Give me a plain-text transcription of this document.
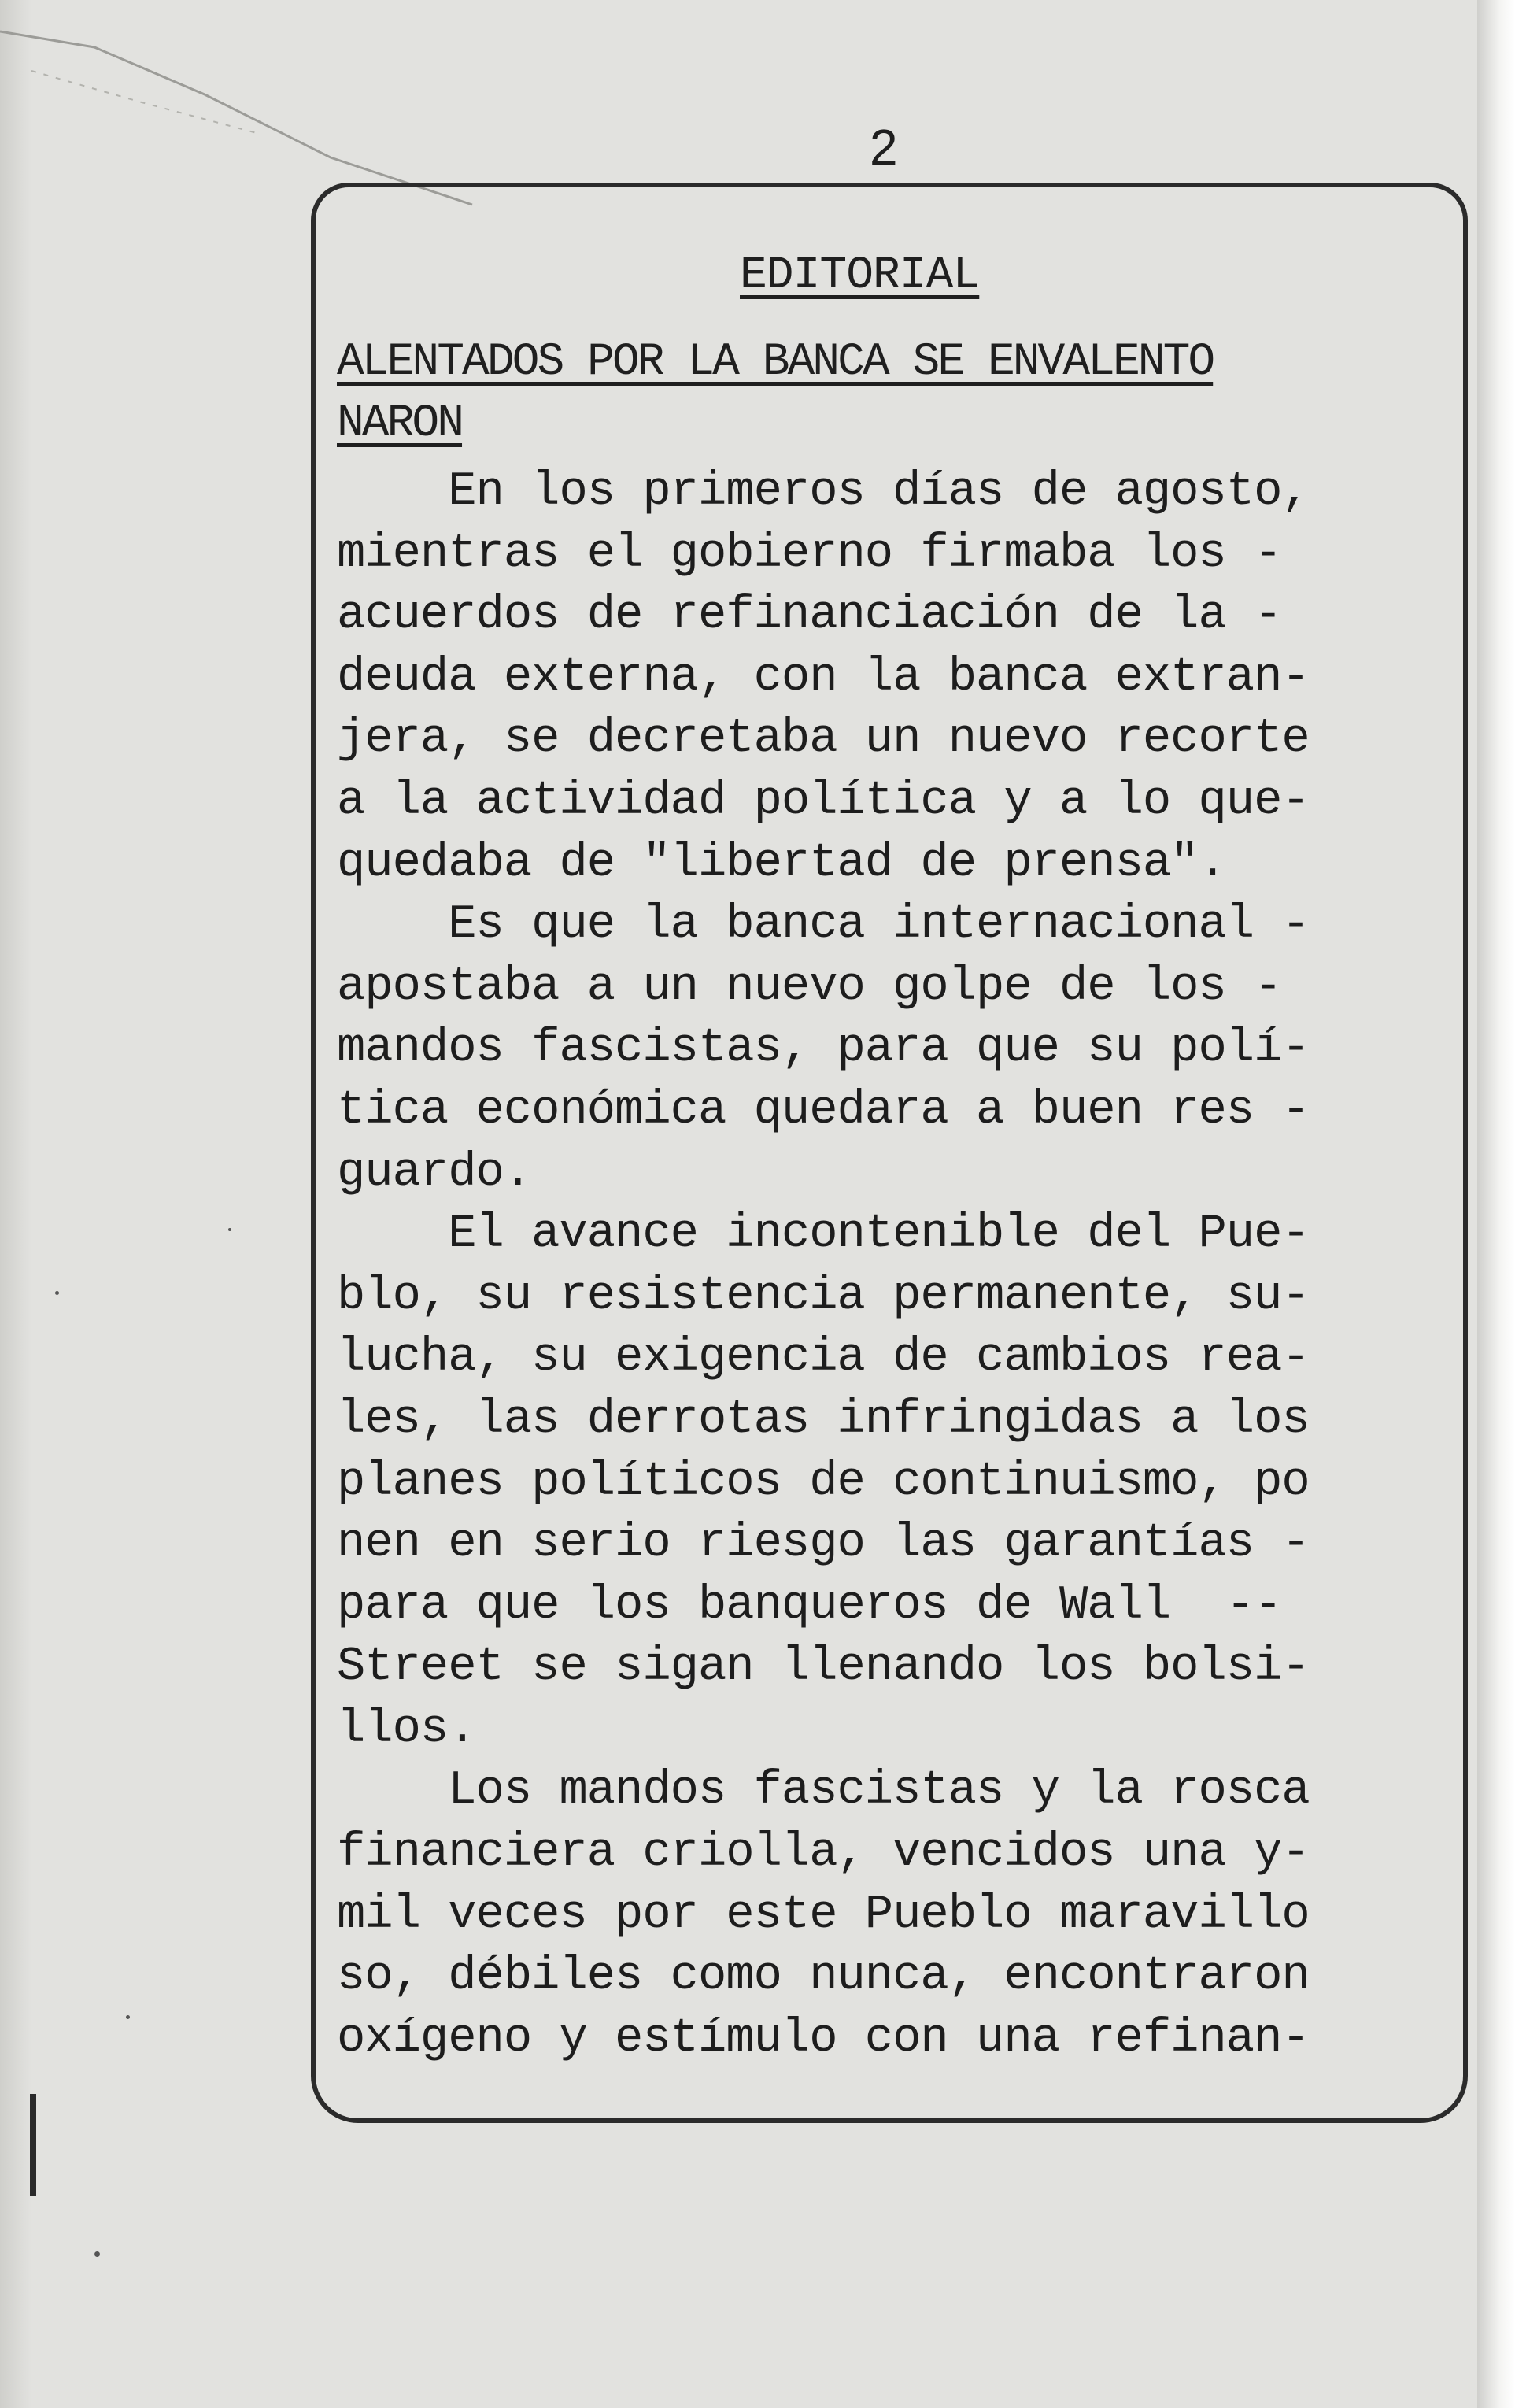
2
EDITORIAL
ALENTADOS POR LA BANCA SE ENVALENTO
NARON
En los primeros días de agosto,
mientras el gobierno firmaba los -
acuerdos de refinanciación de la -
deuda externa, con la banca extran-
jera, se decretaba un nuevo recorte
a la actividad política y a lo que-
quedaba de "libertad de prensa".
Es que la banca internacional -
apostaba a un nuevo golpe de los -
mandos fascistas, para que su polí-
tica económica quedara a buen res -
guardo.
El avance incontenible del Pue-
blo, su resistencia permanente, su-
lucha, su exigencia de cambios rea-
les, las derrotas infringidas a los
planes políticos de continuismo, po
nen en serio riesgo las garantías -
para que los banqueros de Wall  --
Street se sigan llenando los bolsi-
llos.
Los mandos fascistas y la rosca
financiera criolla, vencidos una y-
mil veces por este Pueblo maravillo
so, débiles como nunca, encontraron
oxígeno y estímulo con una refinan-
